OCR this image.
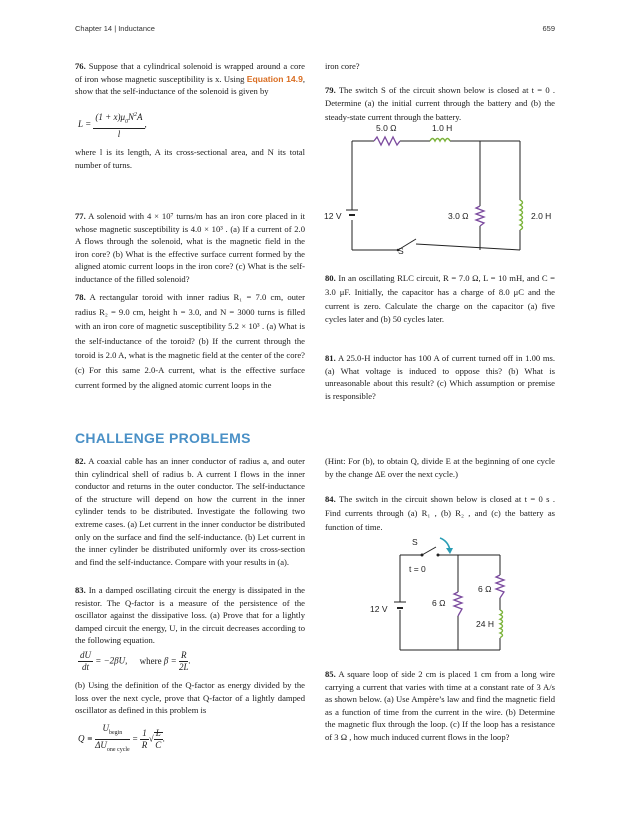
Chapter 14 | Inductance	659

76. Suppose that a cylindrical solenoid is wrapped around a core of iron whose magnetic susceptibility is x. Using Equation 14.9, show that the self-inductance of the solenoid is given by

$L = \frac{(1 + x)\mu_0N^2A}{l}$ ,

where l is its length, A its cross-sectional area, and N its total number of turns.

77. A solenoid with 4 × 10⁷ turns/m has an iron core placed in it whose magnetic susceptibility is 4.0 × 10³ . (a) If a current of 2.0 A flows through the solenoid, what is the magnetic field in the iron core? (b) What is the effective surface current formed by the aligned atomic current loops in the iron core? (c) What is the self-inductance of the filled solenoid?

78. A rectangular toroid with inner radius R₁ = 7.0 cm, outer radius R₂ = 9.0 cm, height h = 3.0, and N = 3000 turns is filled with an iron core of magnetic susceptibility 5.2 × 10³ . (a) What is the self-inductance of the toroid? (b) If the current through the toroid is 2.0 A, what is the magnetic field at the center of the core? (c) For this same 2.0-A current, what is the effective surface current formed by the aligned atomic current loops in the

iron core?

79. The switch S of the circuit shown below is closed at t = 0 . Determine (a) the initial current through the battery and (b) the steady-state current through the battery.

5.0 Ω	1.0 H
12 V	3.0 Ω	2.0 H
S

80. In an oscillating RLC circuit, R = 7.0 Ω, L = 10 mH, and C = 3.0 μF. Initially, the capacitor has a charge of 8.0 μC and the current is zero. Calculate the charge on the capacitor (a) five cycles later and (b) 50 cycles later.

81. A 25.0-H inductor has 100 A of current turned off in 1.00 ms. (a) What voltage is induced to oppose this? (b) What is unreasonable about this result? (c) Which assumption or premise is responsible?

CHALLENGE PROBLEMS

82. A coaxial cable has an inner conductor of radius a, and outer thin cylindrical shell of radius b. A current I flows in the inner conductor and returns in the outer conductor. The self-inductance of the structure will depend on how the current in the inner cylinder tends to be distributed. Investigate the following two extreme cases. (a) Let current in the inner conductor be distributed only on the surface and find the self-inductance. (b) Let current in the inner cylinder be distributed uniformly over its cross-section and find the self-inductance. Compare with your results in (a).

83. In a damped oscillating circuit the energy is dissipated in the resistor. The Q-factor is a measure of the persistence of the oscillator against the dissipative loss. (a) Prove that for a lightly damped circuit the energy, U, in the circuit decreases according to the following equation.

$\frac{dU}{dt} = -2\beta U$, where $\beta = \frac{R}{2L}$ .

(b) Using the definition of the Q-factor as energy divided by the loss over the next cycle, prove that Q-factor of a lightly damped oscillator as defined in this problem is

$Q \equiv \frac{U_{begin}}{\Delta U_{one cycle}} = \frac{1}{R}$ √ $\frac{L}{C}$ .

(Hint: For (b), to obtain Q, divide E at the beginning of one cycle by the change ΔE over the next cycle.)

84. The switch in the circuit shown below is closed at t = 0 s . Find currents through (a) R₁ , (b) R₂ , and (c) the battery as function of time.

S
t = 0
12 V
6 Ω
6 Ω
24 H

85. A square loop of side 2 cm is placed 1 cm from a long wire carrying a current that varies with time at a constant rate of 3 A/s as shown below. (a) Use Ampère’s law and find the magnetic field as a function of time from the current in the wire. (b) Determine the magnetic flux through the loop. (c) If the loop has a resistance of 3 Ω , how much induced current flows in the loop?
